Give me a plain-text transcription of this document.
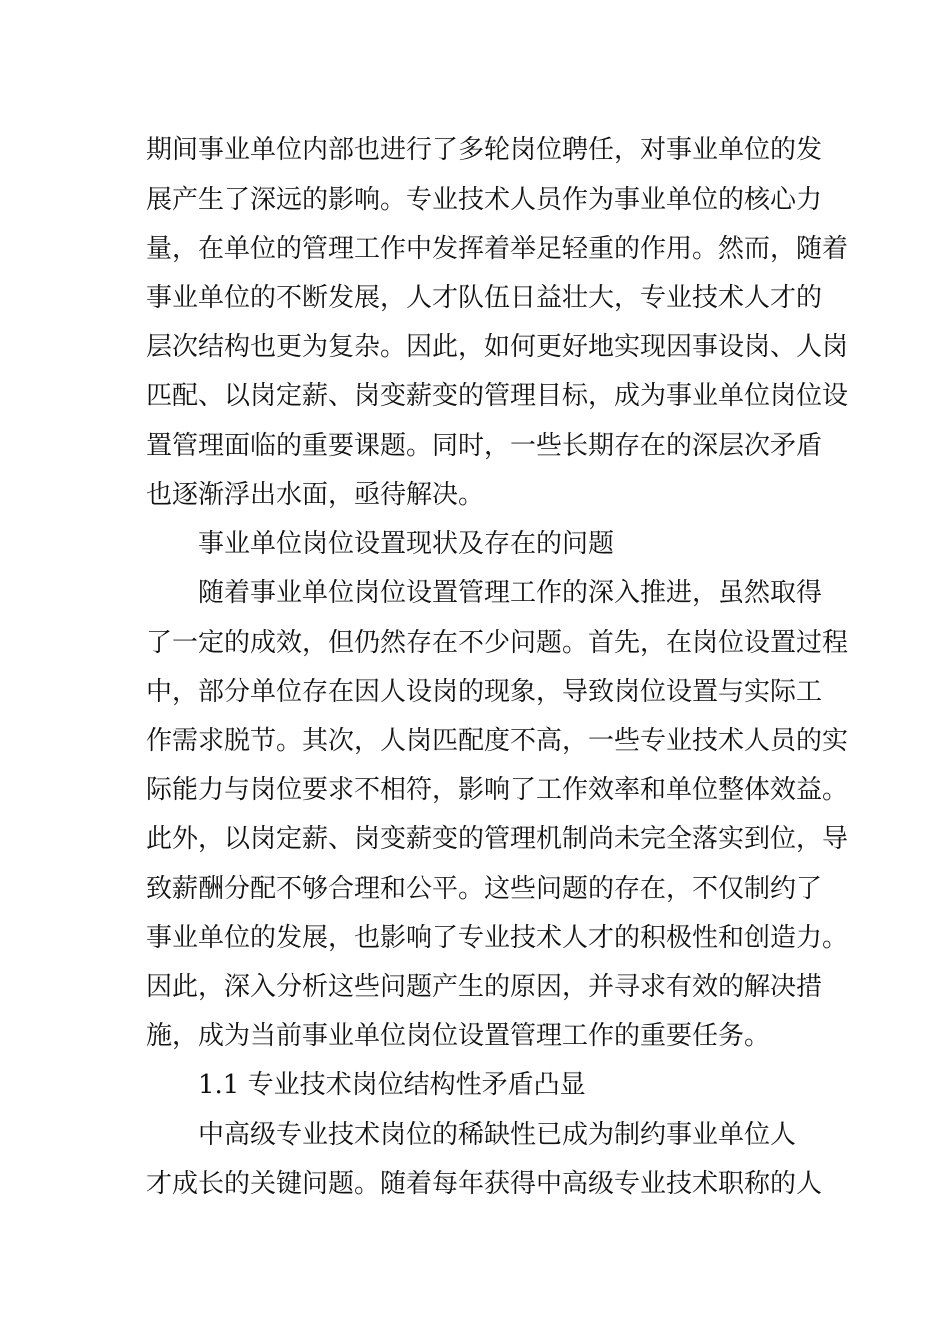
期间事业单位内部也进行了多轮岗位聘任，对事业单位的发
展产生了深远的影响。专业技术人员作为事业单位的核心力
量，在单位的管理工作中发挥着举足轻重的作用。然而，随着
事业单位的不断发展，人才队伍日益壮大，专业技术人才的
层次结构也更为复杂。因此，如何更好地实现因事设岗、人岗
匹配、以岗定薪、岗变薪变的管理目标，成为事业单位岗位设
置管理面临的重要课题。同时，一些长期存在的深层次矛盾
也逐渐浮出水面，亟待解决。
事业单位岗位设置现状及存在的问题
随着事业单位岗位设置管理工作的深入推进，虽然取得
了一定的成效，但仍然存在不少问题。首先，在岗位设置过程
中，部分单位存在因人设岗的现象，导致岗位设置与实际工
作需求脱节。其次，人岗匹配度不高，一些专业技术人员的实
际能力与岗位要求不相符，影响了工作效率和单位整体效益。
此外，以岗定薪、岗变薪变的管理机制尚未完全落实到位，导
致薪酬分配不够合理和公平。这些问题的存在，不仅制约了
事业单位的发展，也影响了专业技术人才的积极性和创造力。
因此，深入分析这些问题产生的原因，并寻求有效的解决措
施，成为当前事业单位岗位设置管理工作的重要任务。
1.1 专业技术岗位结构性矛盾凸显
中高级专业技术岗位的稀缺性已成为制约事业单位人
才成长的关键问题。随着每年获得中高级专业技术职称的人
